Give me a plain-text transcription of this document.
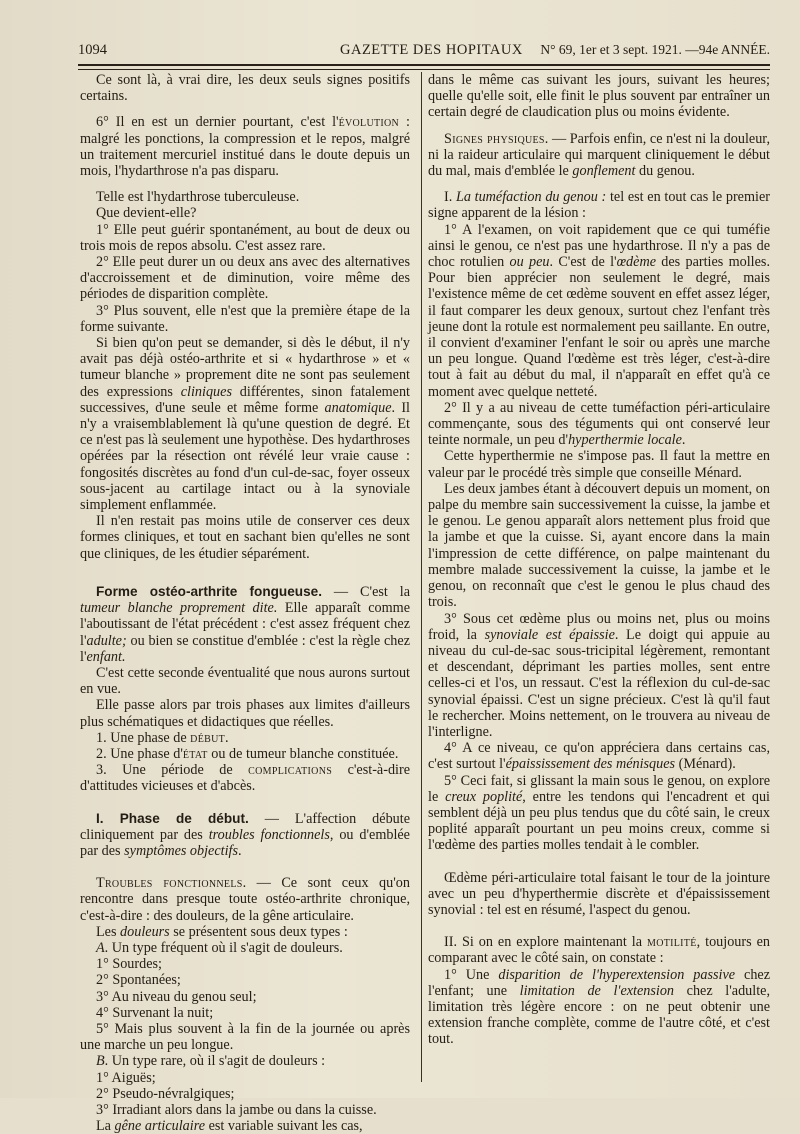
1094	GAZETTE DES HOPITAUX N° 69, 1er et 3 sept. 1921. —94e ANNÉE.

Ce sont là, à vrai dire, les deux seuls signes positifs certains.

6° Il en est un dernier pourtant, c'est l'évolution : malgré les ponctions, la compression et le repos, malgré un traitement mercuriel institué dans le doute depuis un mois, l'hydarthrose n'a pas disparu.

Telle est l'hydarthrose tuberculeuse.

Que devient-elle?

1° Elle peut guérir spontanément, au bout de deux ou trois mois de repos absolu. C'est assez rare.

2° Elle peut durer un ou deux ans avec des alternatives d'accroissement et de diminution, voire même des périodes de disparition complète.

3° Plus souvent, elle n'est que la première étape de la forme suivante.

Si bien qu'on peut se demander, si dès le début, il n'y avait pas déjà ostéo-arthrite et si « hydarthrose » et « tumeur blanche » proprement dite ne sont pas seulement des expressions cliniques différentes, sinon fatalement successives, d'une seule et même forme anatomique. Il n'y a vraisemblablement là qu'une question de degré. Et ce n'est pas là seulement une hypothèse. Des hydarthroses opérées par la résection ont révélé leur vraie cause : fongosités discrètes au fond d'un cul-de-sac, foyer osseux sous-jacent au cartilage intact ou à la synoviale simplement enflammée.

Il n'en restait pas moins utile de conserver ces deux formes cliniques, et tout en sachant bien qu'elles ne sont que cliniques, de les étudier séparément.

Forme ostéo-arthrite fongueuse. — C'est la tumeur blanche proprement dite. Elle apparaît comme l'aboutissant de l'état précédent : c'est assez fréquent chez l'adulte; ou bien se constitue d'emblée : c'est la règle chez l'enfant.

C'est cette seconde éventualité que nous aurons surtout en vue.

Elle passe alors par trois phases aux limites d'ailleurs plus schématiques et didactiques que réelles.

1. Une phase de début.

2. Une phase d'état ou de tumeur blanche constituée.

3. Une période de complications c'est-à-dire d'attitudes vicieuses et d'abcès.

I. Phase de début. — L'affection débute cliniquement par des troubles fonctionnels, ou d'emblée par des symptômes objectifs.

Troubles fonctionnels. — Ce sont ceux qu'on rencontre dans presque toute ostéo-arthrite chronique, c'est-à-dire : des douleurs, de la gêne articulaire.

Les douleurs se présentent sous deux types :

A. Un type fréquent où il s'agit de douleurs.

1° Sourdes;

2° Spontanées;

3° Au niveau du genou seul;

4° Survenant la nuit;

5° Mais plus souvent à la fin de la journée ou après une marche un peu longue.

B. Un type rare, où il s'agit de douleurs :

1° Aiguës;

2° Pseudo-névralgiques;

3° Irradiant alors dans la jambe ou dans la cuisse.

La gêne articulaire est variable suivant les cas,

dans le même cas suivant les jours, suivant les heures; quelle qu'elle soit, elle finit le plus souvent par entraîner un certain degré de claudication plus ou moins évidente.

Signes physiques. — Parfois enfin, ce n'est ni la douleur, ni la raideur articulaire qui marquent cliniquement le début du mal, mais d'emblée le gonflement du genou.

I. La tuméfaction du genou : tel est en tout cas le premier signe apparent de la lésion :

1° A l'examen, on voit rapidement que ce qui tuméfie ainsi le genou, ce n'est pas une hydarthrose. Il n'y a pas de choc rotulien ou peu. C'est de l'œdème des parties molles. Pour bien apprécier non seulement le degré, mais l'existence même de cet œdème souvent en effet assez léger, il faut comparer les deux genoux, surtout chez l'enfant très jeune dont la rotule est normalement peu saillante. En outre, il convient d'examiner l'enfant le soir ou après une marche un peu longue. Quand l'œdème est très léger, c'est-à-dire tout à fait au début du mal, il n'apparaît en effet qu'à ce moment avec quelque netteté.

2° Il y a au niveau de cette tuméfaction péri-articulaire commençante, sous des téguments qui ont conservé leur teinte normale, un peu d'hyperthermie locale.

Cette hyperthermie ne s'impose pas. Il faut la mettre en valeur par le procédé très simple que conseille Ménard.

Les deux jambes étant à découvert depuis un moment, on palpe du membre sain successivement la cuisse, la jambe et le genou. Le genou apparaît alors nettement plus froid que la jambe et que la cuisse. Si, ayant encore dans la main l'impression de cette différence, on palpe maintenant du membre malade successivement la cuisse, la jambe et le genou, on reconnaît que c'est le genou le plus chaud des trois.

3° Sous cet œdème plus ou moins net, plus ou moins froid, la synoviale est épaissie. Le doigt qui appuie au niveau du cul-de-sac sous-tricipital légèrement, remontant et descendant, déprimant les parties molles, sent entre celles-ci et l'os, un ressaut. C'est la réflexion du cul-de-sac synovial épaissi. C'est un signe précieux. C'est là qu'il faut le rechercher. Moins nettement, on le trouvera au niveau de l'interligne.

4° A ce niveau, ce qu'on appréciera dans certains cas, c'est surtout l'épaississement des ménisques (Ménard).

5° Ceci fait, si glissant la main sous le genou, on explore le creux poplité, entre les tendons qui l'encadrent et qui semblent déjà un peu plus tendus que du côté sain, le creux poplité apparaît pourtant un peu moins creux, comme si l'œdème des parties molles tendait à le combler.

Œdème péri-articulaire total faisant le tour de la jointure avec un peu d'hyperthermie discrète et d'épaississement synovial : tel est en résumé, l'aspect du genou.

II. Si on en explore maintenant la motilité, toujours en comparant avec le côté sain, on constate :

1° Une disparition de l'hyperextension passive chez l'enfant; une limitation de l'extension chez l'adulte, limitation très légère encore : on ne peut obtenir une extension franche complète, comme de l'autre côté, et c'est tout.
